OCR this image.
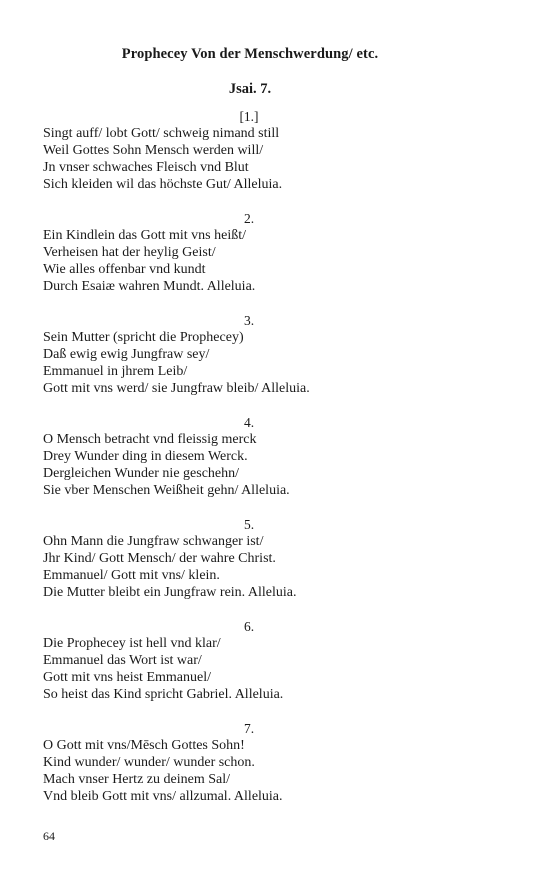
Prophecey Von der Menschwerdung/ etc.
Jsai. 7.
[1.]
Singt auff/ lobt Gott/ schweig nimand still
Weil Gottes Sohn Mensch werden will/
Jn vnser schwaches Fleisch vnd Blut
Sich kleiden wil das höchste Gut/ Alleluia.
2.
Ein Kindlein das Gott mit vns heißt/
Verheisen hat der heylig Geist/
Wie alles offenbar vnd kundt
Durch Esaiæ wahren Mundt. Alleluia.
3.
Sein Mutter (spricht die Prophecey)
Daß ewig ewig Jungfraw sey/
Emmanuel in jhrem Leib/
Gott mit vns werd/ sie Jungfraw bleib/ Alleluia.
4.
O Mensch betracht vnd fleissig merck
Drey Wunder ding in diesem Werck.
Dergleichen Wunder nie geschehn/
Sie vber Menschen Weißheit gehn/ Alleluia.
5.
Ohn Mann die Jungfraw schwanger ist/
Jhr Kind/ Gott Mensch/ der wahre Christ.
Emmanuel/ Gott mit vns/ klein.
Die Mutter bleibt ein Jungfraw rein. Alleluia.
6.
Die Prophecey ist hell vnd klar/
Emmanuel das Wort ist war/
Gott mit vns heist Emmanuel/
So heist das Kind spricht Gabriel. Alleluia.
7.
O Gott mit vns/Mēsch Gottes Sohn!
Kind wunder/ wunder/ wunder schon.
Mach vnser Hertz zu deinem Sal/
Vnd bleib Gott mit vns/ allzumal. Alleluia.
64
